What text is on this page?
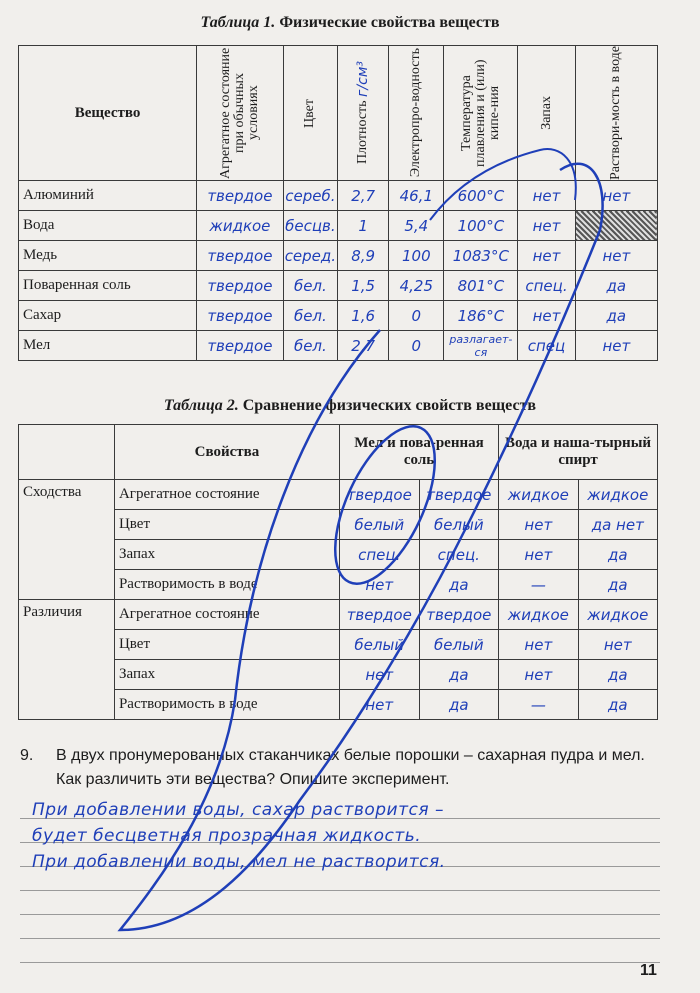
Таблица 1. Физические свойства веществ
Вещество	Агрегатное состояние при обычных условиях	Цвет	Плотность г/см³	Электропро-водность	Температура плавления и (или) кипе-ния	Запах	Раствори-мость в воде

Алюминий	твердое	сереб.	2,7	46,1	600°C	нет	нет
Вода	жидкое	бесцв.	1	5,4	100°C	нет	
Медь	твердое	серед.	8,9	100	1083°C	нет	нет
Поваренная соль	твердое	бел.	1,5	4,25	801°C	спец.	да
Сахар	твердое	бел.	1,6	0	186°C	нет	да
Мел	твердое	бел.	2,7	0	разлагает-ся	спец	нет
Таблица 2. Сравнение физических свойств веществ
	Свойства	Мел и пова-ренная соль		Вода и наша-тырный спирт	
Сходства	Агрегатное состояние	твердое	твердое	жидкое	жидкое
	Цвет	белый	белый	нет	да нет
	Запах	спец.	спец.	нет	да
	Растворимость в воде	нет	да	—	да
Различия	Агрегатное состояние	твердое	твердое	жидкое	жидкое
	Цвет	белый	белый	нет	нет
	Запах	нет	да	нет	да
	Растворимость в воде	нет	да	—	да
9.	В двух пронумерованных стаканчиках белые порошки – сахарная пудра и мел. Как различить эти вещества? Опишите эксперимент.
При добавлении воды, сахар растворится –
будет бесцветная прозрачная жидкость.
При добавлении воды, мел не растворится.
11
